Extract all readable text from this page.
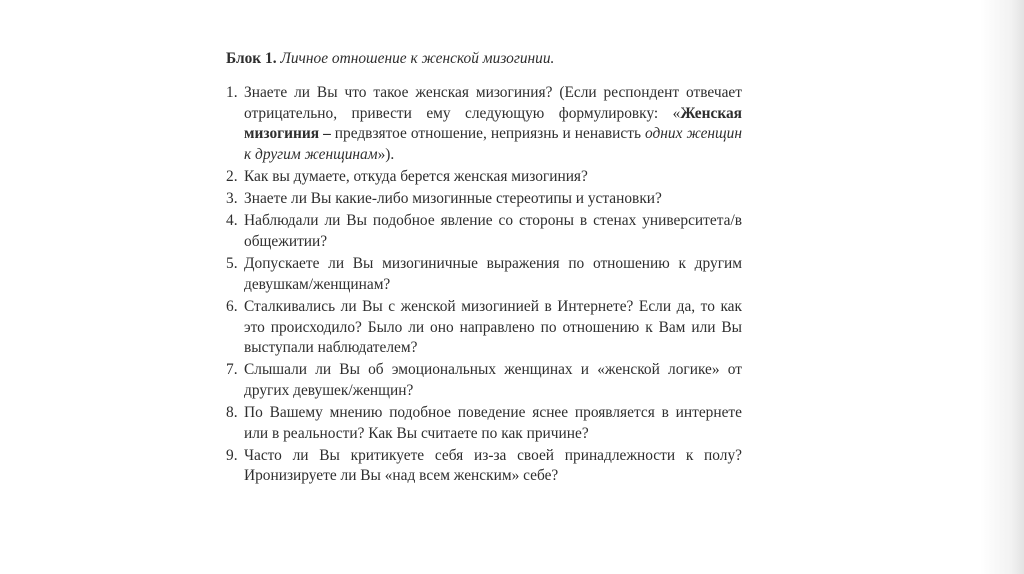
Блок 1. Личное отношение к женской мизогинии.

1. Знаете ли Вы что такое женская мизогиния? (Если респондент отвечает отрицательно, привести ему следующую формулировку: «Женская мизогиния – предвзятое отношение, неприязнь и ненависть одних женщин к другим женщинам»).
2. Как вы думаете, откуда берется женская мизогиния?
3. Знаете ли Вы какие-либо мизогинные стереотипы и установки?
4. Наблюдали ли Вы подобное явление со стороны в стенах университета/в общежитии?
5. Допускаете ли Вы мизогиничные выражения по отношению к другим девушкам/женщинам?
6. Сталкивались ли Вы с женской мизогинией в Интернете? Если да, то как это происходило? Было ли оно направлено по отношению к Вам или Вы выступали наблюдателем?
7. Слышали ли Вы об эмоциональных женщинах и «женской логике» от других девушек/женщин?
8. По Вашему мнению подобное поведение яснее проявляется в интернете или в реальности? Как Вы считаете по как причине?
9. Часто ли Вы критикуете себя из-за своей принадлежности к полу? Иронизируете ли Вы «над всем женским» себе?
